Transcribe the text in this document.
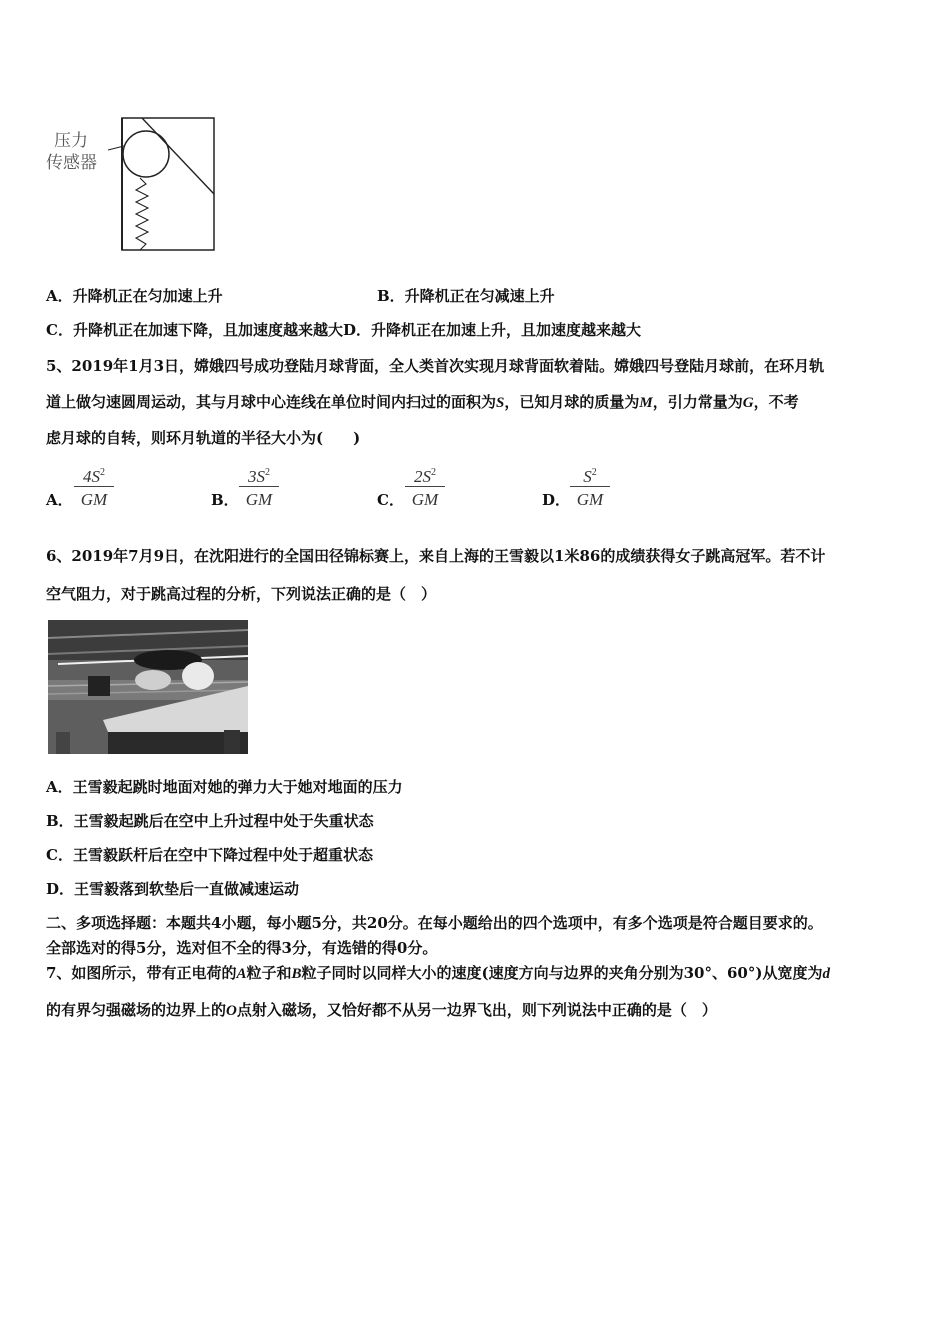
压力
传感器
A．升降机正在匀加速上升	B．升降机正在匀减速上升
C．升降机正在加速下降，且加速度越来越大D．升降机正在加速上升，且加速度越来越大
5、2019年1月3日，嫦娥四号成功登陆月球背面，全人类首次实现月球背面软着陆。嫦娥四号登陆月球前，在环月轨
道上做匀速圆周运动，其与月球中心连线在单位时间内扫过的面积为S，已知月球的质量为M，引力常量为G，不考
虑月球的自转，则环月轨道的半径大小为(　　)
A．
$4S^2$
GM	B．
$3S^2$
GM	C．
$2S^2$
GM	D．
$S^2$
GM
6、2019年7月9日，在沈阳进行的全国田径锦标赛上，来自上海的王雪毅以1米86的成绩获得女子跳高冠军。若不计
空气阻力，对于跳高过程的分析，下列说法正确的是（　）
A．王雪毅起跳时地面对她的弹力大于她对地面的压力
B．王雪毅起跳后在空中上升过程中处于失重状态
C．王雪毅跃杆后在空中下降过程中处于超重状态
D．王雪毅落到软垫后一直做减速运动
二、多项选择题：本题共4小题，每小题5分，共20分。在每小题给出的四个选项中，有多个选项是符合题目要求的。
全部选对的得5分，选对但不全的得3分，有选错的得0分。
7、如图所示，带有正电荷的A粒子和B粒子同时以同样大小的速度(速度方向与边界的夹角分别为30°、60°)从宽度为d
的有界匀强磁场的边界上的O点射入磁场，又恰好都不从另一边界飞出，则下列说法中正确的是（　）
